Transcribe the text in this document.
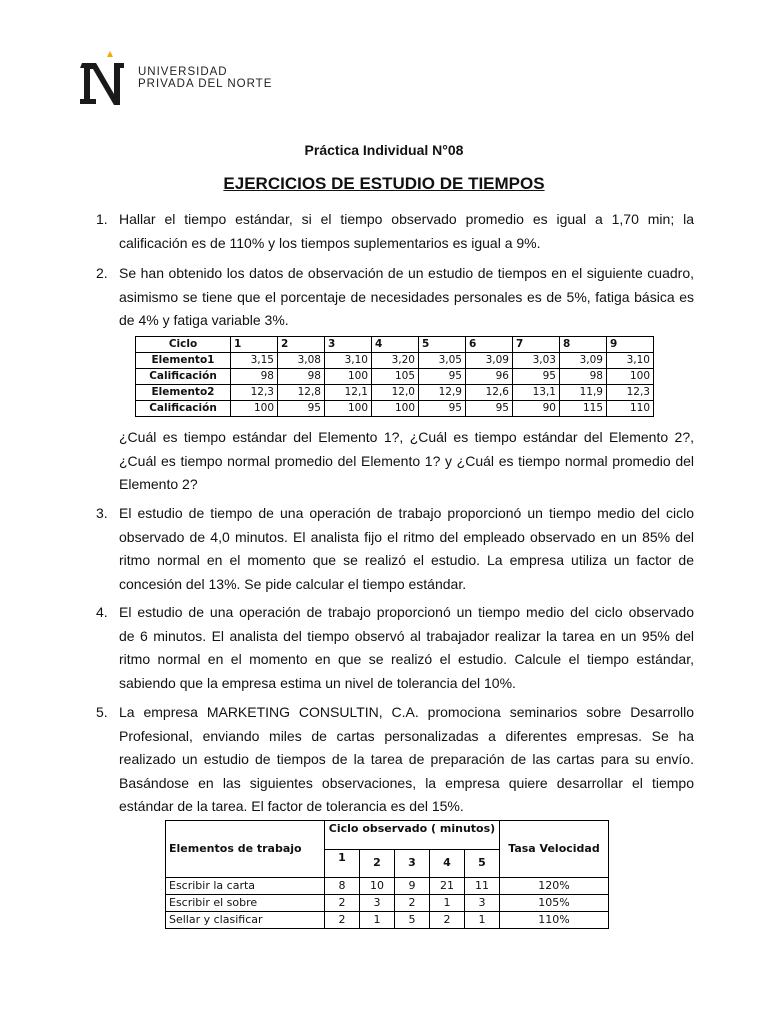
UNIVERSIDAD
PRIVADA DEL NORTE
Práctica Individual N°08
EJERCICIOS DE ESTUDIO DE TIEMPOS
1. Hallar el tiempo estándar, si el tiempo observado promedio es igual a 1,70 min; la
calificación es de 110% y los tiempos suplementarios es igual a 9%.
2. Se han obtenido los datos de observación de un estudio de tiempos en el siguiente cuadro,
asimismo se tiene que el porcentaje de necesidades personales es de 5%, fatiga básica es
de 4% y fatiga variable 3%.
Ciclo	1	2	3	4	5	6	7	8	9
Elemento1	3,15	3,08	3,10	3,20	3,05	3,09	3,03	3,09	3,10
Calificación	98	98	100	105	95	96	95	98	100
Elemento2	12,3	12,8	12,1	12,0	12,9	12,6	13,1	11,9	12,3
Calificación	100	95	100	100	95	95	90	115	110
¿Cuál es tiempo estándar del Elemento 1?, ¿Cuál es tiempo estándar del Elemento 2?,
¿Cuál es tiempo normal promedio del Elemento 1? y ¿Cuál es tiempo normal promedio del
Elemento 2?
3. El estudio de tiempo de una operación de trabajo proporcionó un tiempo medio del ciclo
observado de 4,0 minutos. El analista fijo el ritmo del empleado observado en un 85% del
ritmo normal en el momento que se realizó el estudio. La empresa utiliza un factor de
concesión del 13%. Se pide calcular el tiempo estándar.
4. El estudio de una operación de trabajo proporcionó un tiempo medio del ciclo observado
de 6 minutos. El analista del tiempo observó al trabajador realizar la tarea en un 95% del
ritmo normal en el momento en que se realizó el estudio. Calcule el tiempo estándar,
sabiendo que la empresa estima un nivel de tolerancia del 10%.
5. La empresa MARKETING CONSULTIN, C.A. promociona seminarios sobre Desarrollo
Profesional, enviando miles de cartas personalizadas a diferentes empresas. Se ha
realizado un estudio de tiempos de la tarea de preparación de las cartas para su envío.
Basándose en las siguientes observaciones, la empresa quiere desarrollar el tiempo
estándar de la tarea. El factor de tolerancia es del 15%.
Elementos de trabajo	Ciclo observado ( minutos)					Tasa Velocidad
	1	2	3	4	5	
Escribir la carta	8	10	9	21	11	120%
Escribir el sobre	2	3	2	1	3	105%
Sellar y clasificar	2	1	5	2	1	110%
